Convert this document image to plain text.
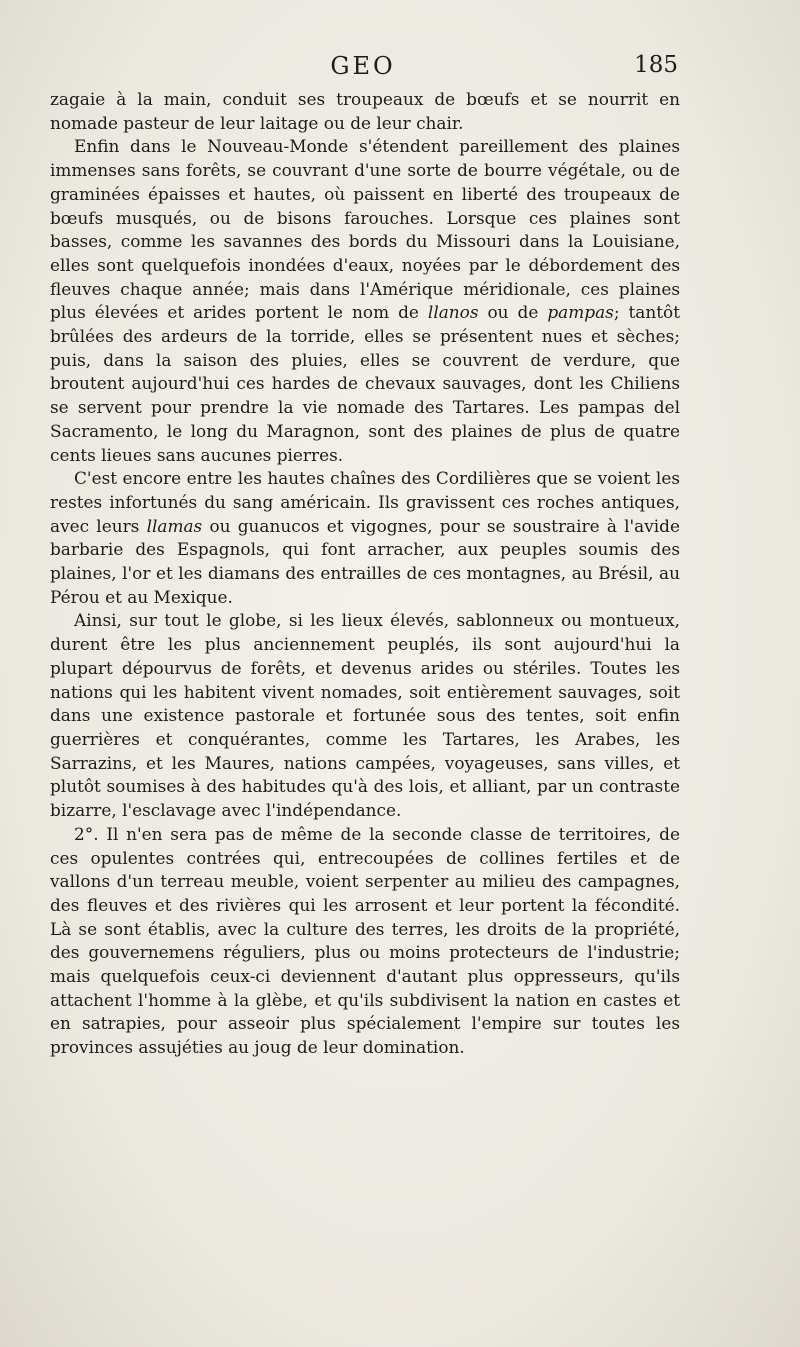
GEO	185

zagaie à la main, conduit ses troupeaux de bœufs et se nourrit en nomade pasteur de leur laitage ou de leur chair.

Enfin dans le Nouveau-Monde s'étendent pareillement des plaines immenses sans forêts, se couvrant d'une sorte de bourre végétale, ou de graminées épaisses et hautes, où paissent en liberté des troupeaux de bœufs musqués, ou de bisons farouches. Lorsque ces plaines sont basses, comme les savannes des bords du Missouri dans la Louisiane, elles sont quelquefois inondées d'eaux, noyées par le débordement des fleuves chaque année; mais dans l'Amérique méridionale, ces plaines plus élevées et arides portent le nom de llanos ou de pampas; tantôt brûlées des ardeurs de la torride, elles se présentent nues et sèches; puis, dans la saison des pluies, elles se couvrent de verdure, que broutent aujourd'hui ces hardes de chevaux sauvages, dont les Chiliens se servent pour prendre la vie nomade des Tartares. Les pampas del Sacramento, le long du Maragnon, sont des plaines de plus de quatre cents lieues sans aucunes pierres.

C'est encore entre les hautes chaînes des Cordilières que se voient les restes infortunés du sang américain. Ils gravissent ces roches antiques, avec leurs llamas ou guanucos et vigognes, pour se soustraire à l'avide barbarie des Espagnols, qui font arracher, aux peuples soumis des plaines, l'or et les diamans des entrailles de ces montagnes, au Brésil, au Pérou et au Mexique.

Ainsi, sur tout le globe, si les lieux élevés, sablonneux ou montueux, durent être les plus anciennement peuplés, ils sont aujourd'hui la plupart dépourvus de forêts, et devenus arides ou stériles. Toutes les nations qui les habitent vivent nomades, soit entièrement sauvages, soit dans une existence pastorale et fortunée sous des tentes, soit enfin guerrières et conquérantes, comme les Tartares, les Arabes, les Sarrazins, et les Maures, nations campées, voyageuses, sans villes, et plutôt soumises à des habitudes qu'à des lois, et alliant, par un contraste bizarre, l'esclavage avec l'indépendance.

2°. Il n'en sera pas de même de la seconde classe de territoires, de ces opulentes contrées qui, entrecoupées de collines fertiles et de vallons d'un terreau meuble, voient serpenter au milieu des campagnes, des fleuves et des rivières qui les arrosent et leur portent la fécondité. Là se sont établis, avec la culture des terres, les droits de la propriété, des gouvernemens réguliers, plus ou moins protecteurs de l'industrie; mais quelquefois ceux-ci deviennent d'autant plus oppresseurs, qu'ils attachent l'homme à la glèbe, et qu'ils subdivisent la nation en castes et en satrapies, pour asseoir plus spécialement l'empire sur toutes les provinces assujéties au joug de leur domination.
